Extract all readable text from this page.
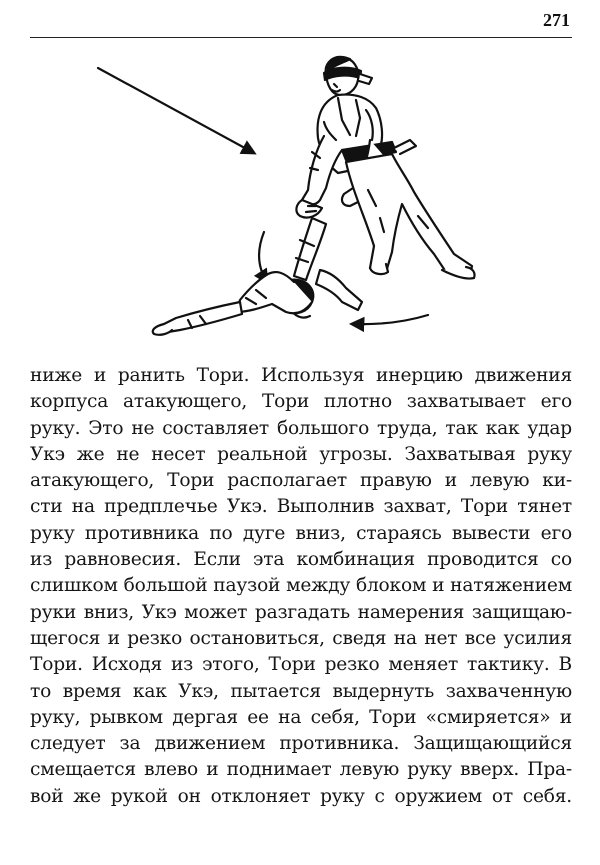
271
ниже и ранить Тори. Используя инерцию движения
корпуса атакующего, Тори плотно захватывает его
руку. Это не составляет большого труда, так как удар
Укэ же не несет реальной угрозы. Захватывая руку
атакующего, Тори располагает правую и левую ки-
сти на предплечье Укэ. Выполнив захват, Тори тянет
руку противника по дуге вниз, стараясь вывести его
из равновесия. Если эта комбинация проводится со
слишком большой паузой между блоком и натяжением
руки вниз, Укэ может разгадать намерения защищаю-
щегося и резко остановиться, сведя на нет все усилия
Тори. Исходя из этого, Тори резко меняет тактику. В
то время как Укэ, пытается выдернуть захваченную
руку, рывком дергая ее на себя, Тори «смиряется» и
следует за движением противника. Защищающийся
смещается влево и поднимает левую руку вверх. Пра-
вой же рукой он отклоняет руку с оружием от себя.
